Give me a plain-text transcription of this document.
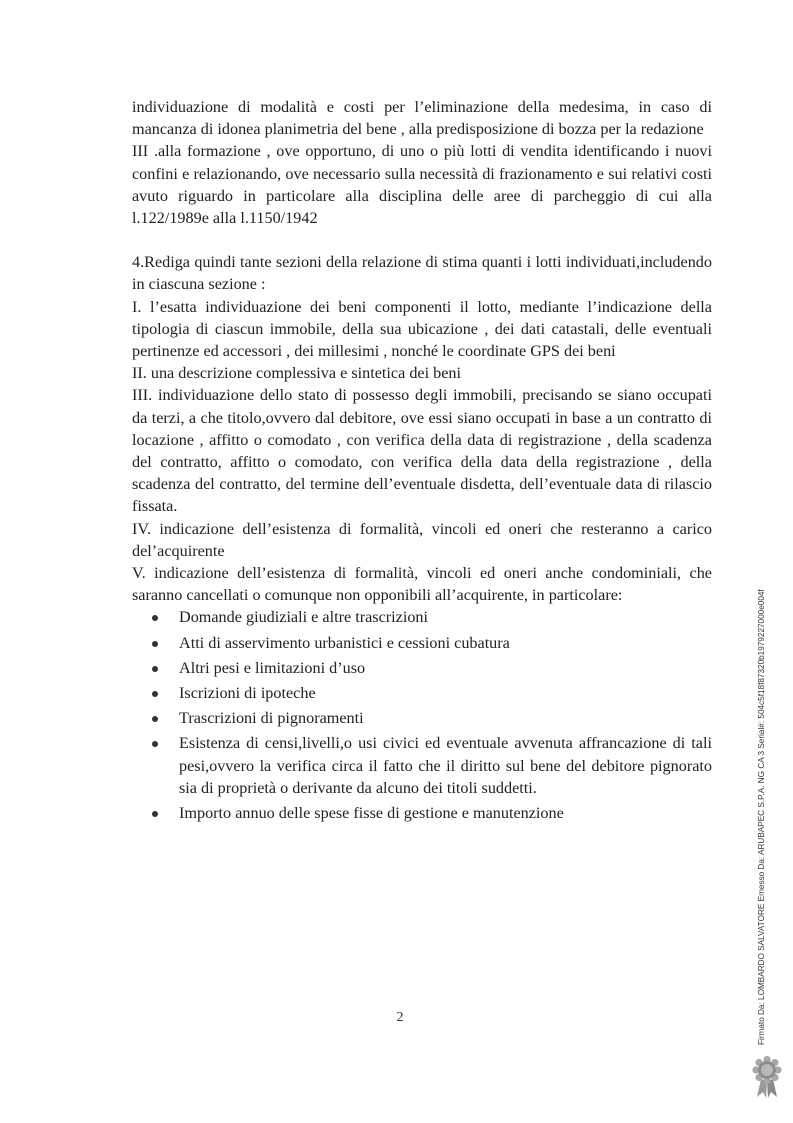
individuazione di modalità e costi per l’eliminazione della medesima, in caso di mancanza di idonea planimetria del bene , alla predisposizione di bozza per la redazione

III .alla formazione , ove opportuno, di uno o più lotti di vendita identificando i nuovi confini e relazionando, ove necessario sulla necessità di frazionamento e sui relativi costi avuto riguardo in particolare alla disciplina delle aree di parcheggio di cui alla l.122/1989e alla l.1150/1942

4.Rediga quindi tante sezioni della relazione di stima quanti i lotti individuati,includendo in ciascuna sezione :

I. l’esatta individuazione dei beni componenti il lotto, mediante l’indicazione della tipologia di ciascun immobile, della sua ubicazione , dei dati catastali, delle eventuali pertinenze ed accessori , dei millesimi , nonché le coordinate GPS dei beni

II. una descrizione complessiva e sintetica dei beni

III. individuazione dello stato di possesso degli immobili, precisando se siano occupati da terzi, a che titolo,ovvero dal debitore, ove essi siano occupati in base a un contratto di locazione , affitto o comodato , con verifica della data di registrazione , della scadenza del contratto, affitto o comodato, con verifica della data della registrazione , della scadenza del contratto, del termine dell’eventuale disdetta, dell’eventuale data di rilascio fissata.

IV. indicazione dell’esistenza di formalità, vincoli ed oneri che resteranno a carico del’acquirente

V. indicazione dell’esistenza di formalità, vincoli ed oneri anche condominiali, che saranno cancellati o comunque non opponibili all’acquirente, in particolare:

Domande giudiziali e altre trascrizioni
Atti di asservimento urbanistici e cessioni cubatura
Altri pesi e limitazioni d’uso
Iscrizioni di ipoteche
Trascrizioni di pignoramenti
Esistenza di censi,livelli,o usi civici ed eventuale avvenuta affrancazione di tali pesi,ovvero la verifica circa il fatto che il diritto sul bene del debitore pignorato sia di proprietà o derivante da alcuno dei titoli suddetti.
Importo annuo delle spese fisse di gestione e manutenzione
2	Firmato Da: LOMBARDO SALVATORE Emesso Da: ARUBAPEC S.P.A. NG CA 3 Serial#: 504c5f18f87320b1979227000e004f
